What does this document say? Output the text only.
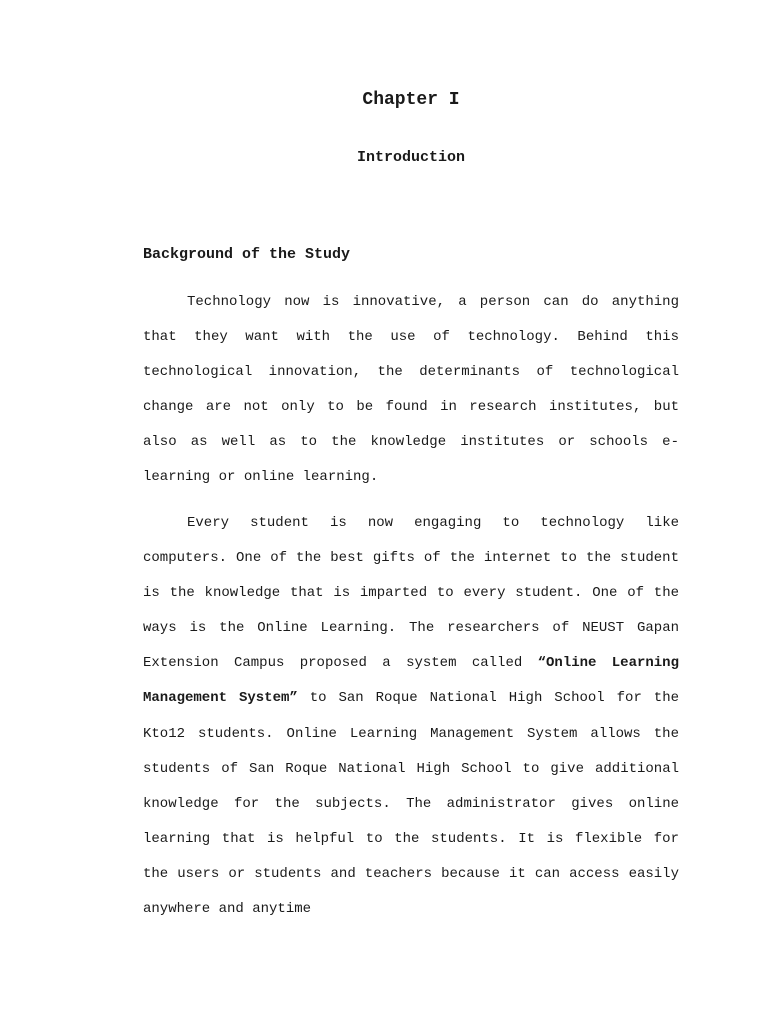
Chapter I
Introduction
Background of the Study

Technology now is innovative, a person can do anything that they want with the use of technology. Behind this technological innovation, the determinants of technological change are not only to be found in research institutes, but also as well as to the knowledge institutes or schools e-learning or online learning.

Every student is now engaging to technology like computers. One of the best gifts of the internet to the student is the knowledge that is imparted to every student. One of the ways is the Online Learning. The researchers of NEUST Gapan Extension Campus proposed a system called “Online Learning Management System” to San Roque National High School for the Kto12 students. Online Learning Management System allows the students of San Roque National High School to give additional knowledge for the subjects. The administrator gives online learning that is helpful to the students. It is flexible for the users or students and teachers because it can access easily anywhere and anytime
